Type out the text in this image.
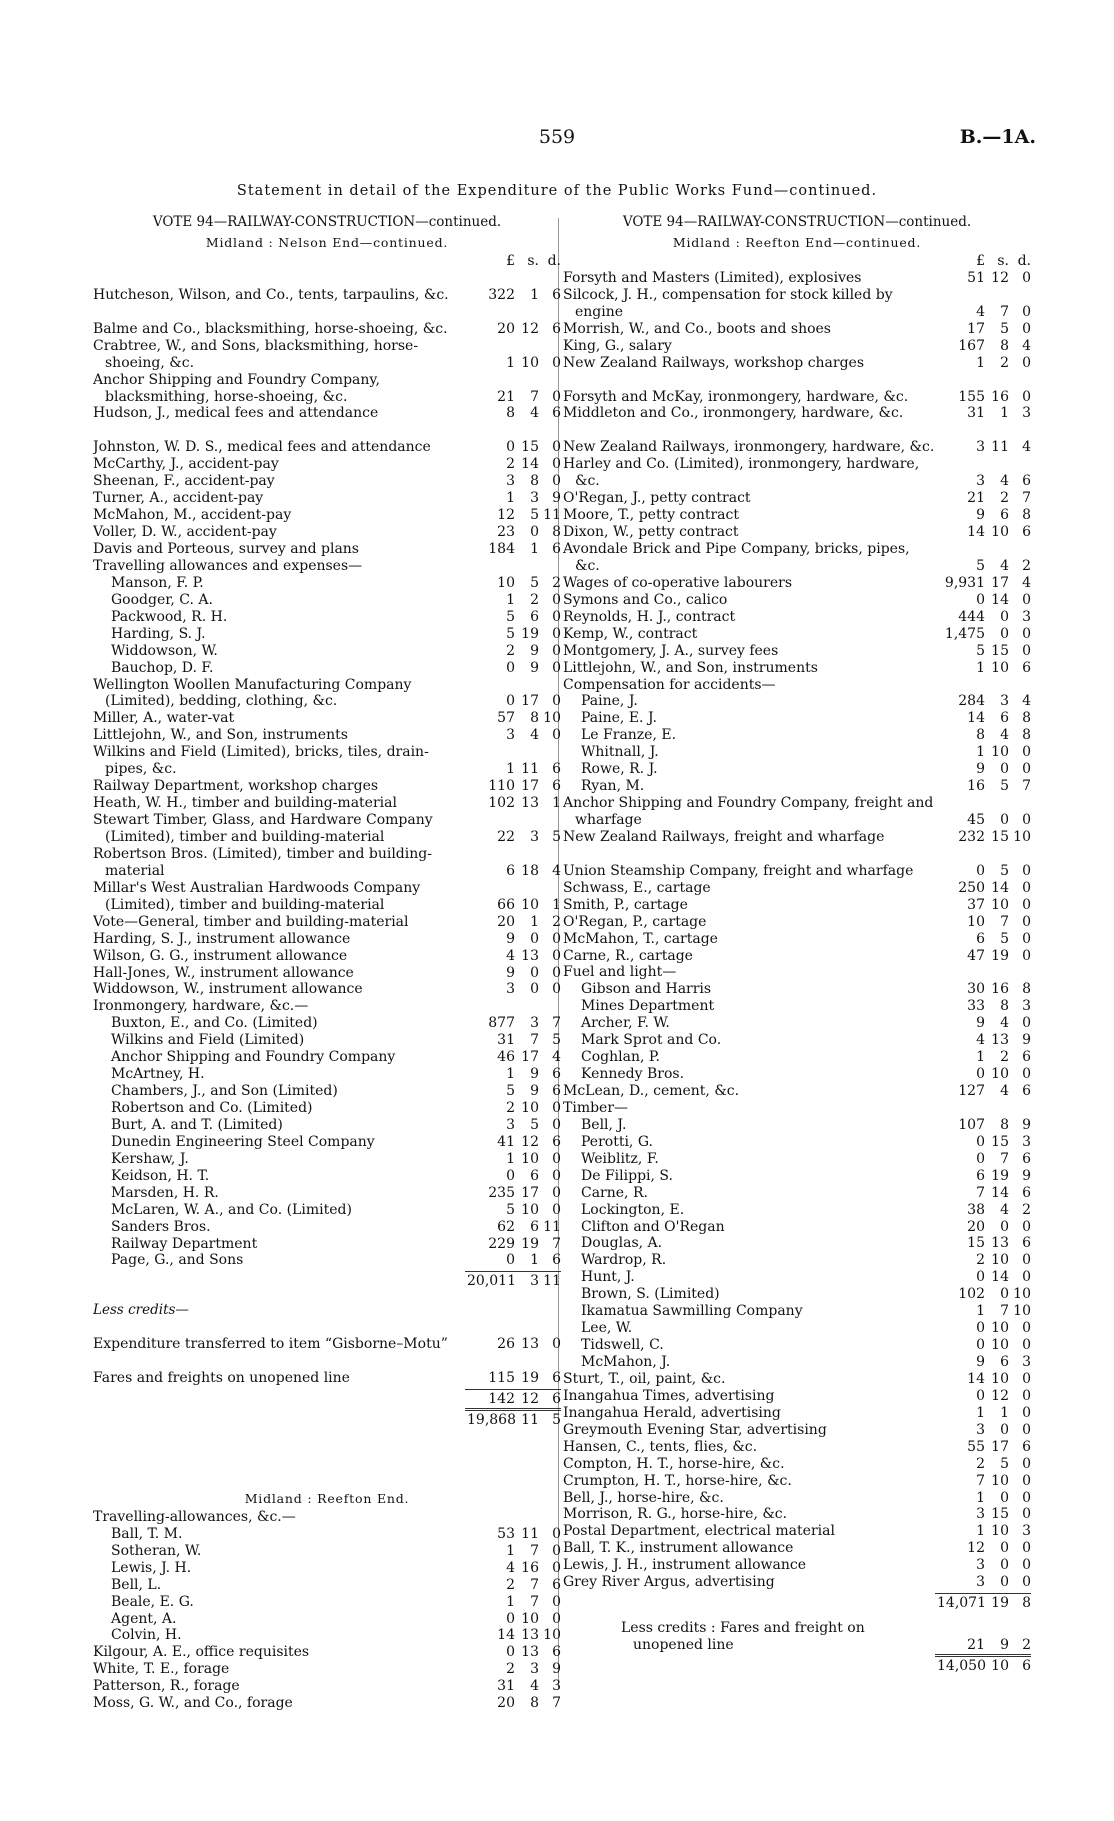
559	B.—1A.
Statement in detail of the Expenditure of the Public Works Fund—continued.
VOTE 94—RAILWAY-CONSTRUCTION—continued.
Midland : Nelson End—continued.
£ s. d.
Hutcheson, Wilson, and Co., tents, tarpaulins, &c.	322	1 6
Balme and Co., blacksmithing, horse-shoeing, &c.	20 12 6
Crabtree, W., and Sons, blacksmithing, horse-shoeing, &c.	1 10 0
Anchor Shipping and Foundry Company, blacksmithing, horse-shoeing, &c.	21	7 0
Hudson, J., medical fees and attendance	8	4 6
Johnston, W. D. S., medical fees and attendance	0 15 0
McCarthy, J., accident-pay	2 14 0
Sheenan, F., accident-pay	3	8 0
Turner, A., accident-pay	1	3 9
McMahon, M., accident-pay	12	5 11
Voller, D. W., accident-pay	23	0 8
Davis and Porteous, survey and plans	184	1 6
Travelling allowances and expenses—
Manson, F. P.	10	5 2
Goodger, C. A.	1	2 0
Packwood, R. H.	5	6 0
Harding, S. J.	5 19 0
Widdowson, W.	2	9 0
Bauchop, D. F.	0	9 0
Wellington Woollen Manufacturing Company (Limited), bedding, clothing, &c.	0 17 0
Miller, A., water-vat	57	8 10
Littlejohn, W., and Son, instruments	3	4 0
Wilkins and Field (Limited), bricks, tiles, drain-pipes, &c.	1 11 6
Railway Department, workshop charges	110 17 6
Heath, W. H., timber and building-material	102 13 1
Stewart Timber, Glass, and Hardware Company (Limited), timber and building-material	22	3 5
Robertson Bros. (Limited), timber and building-material	6 18 4
Millar's West Australian Hardwoods Company (Limited), timber and building-material	66 10 1
Vote—General, timber and building-material	20	1 2
Harding, S. J., instrument allowance	9	0 0
Wilson, G. G., instrument allowance	4 13 0
Hall-Jones, W., instrument allowance	9	0 0
Widdowson, W., instrument allowance	3	0 0
Ironmongery, hardware, &c.—
Buxton, E., and Co. (Limited)	877	3 7
Wilkins and Field (Limited)	31	7 5
Anchor Shipping and Foundry Company	46 17 4
McArtney, H.	1	9 6
Chambers, J., and Son (Limited)	5	9 6
Robertson and Co. (Limited)	2 10 0
Burt, A. and T. (Limited)	3	5 0
Dunedin Engineering Steel Company	41 12 6
Kershaw, J.	1 10 0
Keidson, H. T.	0	6 0
Marsden, H. R.	235 17 0
McLaren, W. A., and Co. (Limited)	5 10 0
Sanders Bros.	62	6 11
Railway Department	229 19 7
Page, G., and Sons	0	1 6
20,011	3 11
Less credits—
Expenditure transferred to item “Gisborne–Motu”	26 13 0
Fares and freights on unopened line	115 19 6
142 12 6
19,868 11 5
Midland : Reefton End.
Travelling-allowances, &c.—
Ball, T. M.	53 11 0
Sotheran, W.	1	7 0
Lewis, J. H.	4 16 0
Bell, L.	2	7 6
Beale, E. G.	1	7 0
Agent, A.	0 10 0
Colvin, H.	14 13 10
Kilgour, A. E., office requisites	0 13 6
White, T. E., forage	2	3 9
Patterson, R., forage	31	4 3
Moss, G. W., and Co., forage	20	8 7
VOTE 94—RAILWAY-CONSTRUCTION—continued.
Midland : Reefton End—continued.
£ s. d.
Forsyth and Masters (Limited), explosives	51 12 0
Silcock, J. H., compensation for stock killed by engine	4	7 0
Morrish, W., and Co., boots and shoes	17	5 0
King, G., salary	167	8 4
New Zealand Railways, workshop charges	1	2 0
Forsyth and McKay, ironmongery, hardware, &c.	155 16 0
Middleton and Co., ironmongery, hardware, &c.	31	1 3
New Zealand Railways, ironmongery, hardware, &c.	3 11 4
Harley and Co. (Limited), ironmongery, hardware, &c.	3	4 6
O'Regan, J., petty contract	21	2 7
Moore, T., petty contract	9	6 8
Dixon, W., petty contract	14 10 6
Avondale Brick and Pipe Company, bricks, pipes, &c.	5	4 2
Wages of co-operative labourers	9,931 17 4
Symons and Co., calico	0 14 0
Reynolds, H. J., contract	444	0 3
Kemp, W., contract	1,475	0 0
Montgomery, J. A., survey fees	5 15 0
Littlejohn, W., and Son, instruments	1 10 6
Compensation for accidents—
Paine, J.	284	3 4
Paine, E. J.	14	6 8
Le Franze, E.	8	4 8
Whitnall, J.	1 10 0
Rowe, R. J.	9	0 0
Ryan, M.	16	5 7
Anchor Shipping and Foundry Company, freight and wharfage	45	0 0
New Zealand Railways, freight and wharfage	232 15 10
Union Steamship Company, freight and wharfage	0	5 0
Schwass, E., cartage	250 14 0
Smith, P., cartage	37 10 0
O'Regan, P., cartage	10	7 0
McMahon, T., cartage	6	5 0
Carne, R., cartage	47 19 0
Fuel and light—
Gibson and Harris	30 16 8
Mines Department	33	8 3
Archer, F. W.	9	4 0
Mark Sprot and Co.	4 13 9
Coghlan, P.	1	2 6
Kennedy Bros.	0 10 0
McLean, D., cement, &c.	127	4 6
Timber—
Bell, J.	107	8 9
Perotti, G.	0 15 3
Weiblitz, F.	0	7 6
De Filippi, S.	6 19 9
Carne, R.	7 14 6
Lockington, E.	38	4 2
Clifton and O'Regan	20	0 0
Douglas, A.	15 13 6
Wardrop, R.	2 10 0
Hunt, J.	0 14 0
Brown, S. (Limited)	102	0 10
Ikamatua Sawmilling Company	1	7 10
Lee, W.	0 10 0
Tidswell, C.	0 10 0
McMahon, J.	9	6 3
Sturt, T., oil, paint, &c.	14 10 0
Inangahua Times, advertising	0 12 0
Inangahua Herald, advertising	1	1 0
Greymouth Evening Star, advertising	3	0 0
Hansen, C., tents, flies, &c.	55 17 6
Compton, H. T., horse-hire, &c.	2	5 0
Crumpton, H. T., horse-hire, &c.	7 10 0
Bell, J., horse-hire, &c.	1	0 0
Morrison, R. G., horse-hire, &c.	3 15 0
Postal Department, electrical material	1 10 3
Ball, T. K., instrument allowance	12	0 0
Lewis, J. H., instrument allowance	3	0 0
Grey River Argus, advertising	3	0 0
14,071 19 8
Less credits : Fares and freight on unopened line	21	9 2
14,050 10 6
